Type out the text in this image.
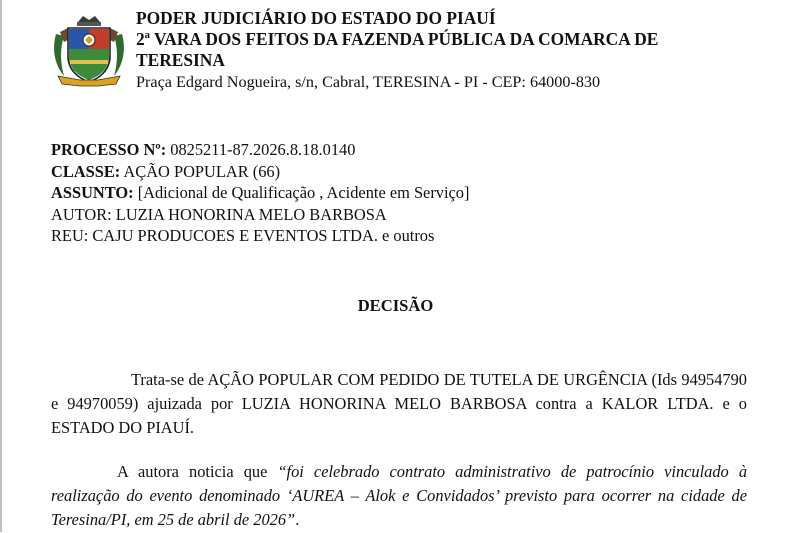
PODER JUDICIÁRIO DO ESTADO DO PIAUÍ
2ª VARA DOS FEITOS DA FAZENDA PÚBLICA DA COMARCA DE
TERESINA
Praça Edgard Nogueira, s/n, Cabral, TERESINA - PI - CEP: 64000-830
PROCESSO Nº: 0825211-87.2026.8.18.0140
CLASSE: AÇÃO POPULAR (66)
ASSUNTO: [Adicional de Qualificação , Acidente em Serviço]
AUTOR: LUZIA HONORINA MELO BARBOSA
REU: CAJU PRODUCOES E EVENTOS LTDA. e outros
DECISÃO
Trata-se de AÇÃO POPULAR COM PEDIDO DE TUTELA DE URGÊNCIA (Ids 94954790 e 94970059) ajuizada por LUZIA HONORINA MELO BARBOSA contra a KALOR LTDA. e o ESTADO DO PIAUÍ.
A autora noticia que “foi celebrado contrato administrativo de patrocínio vinculado à realização do evento denominado ‘AUREA – Alok e Convidados’ previsto para ocorrer na cidade de Teresina/PI, em 25 de abril de 2026”.
